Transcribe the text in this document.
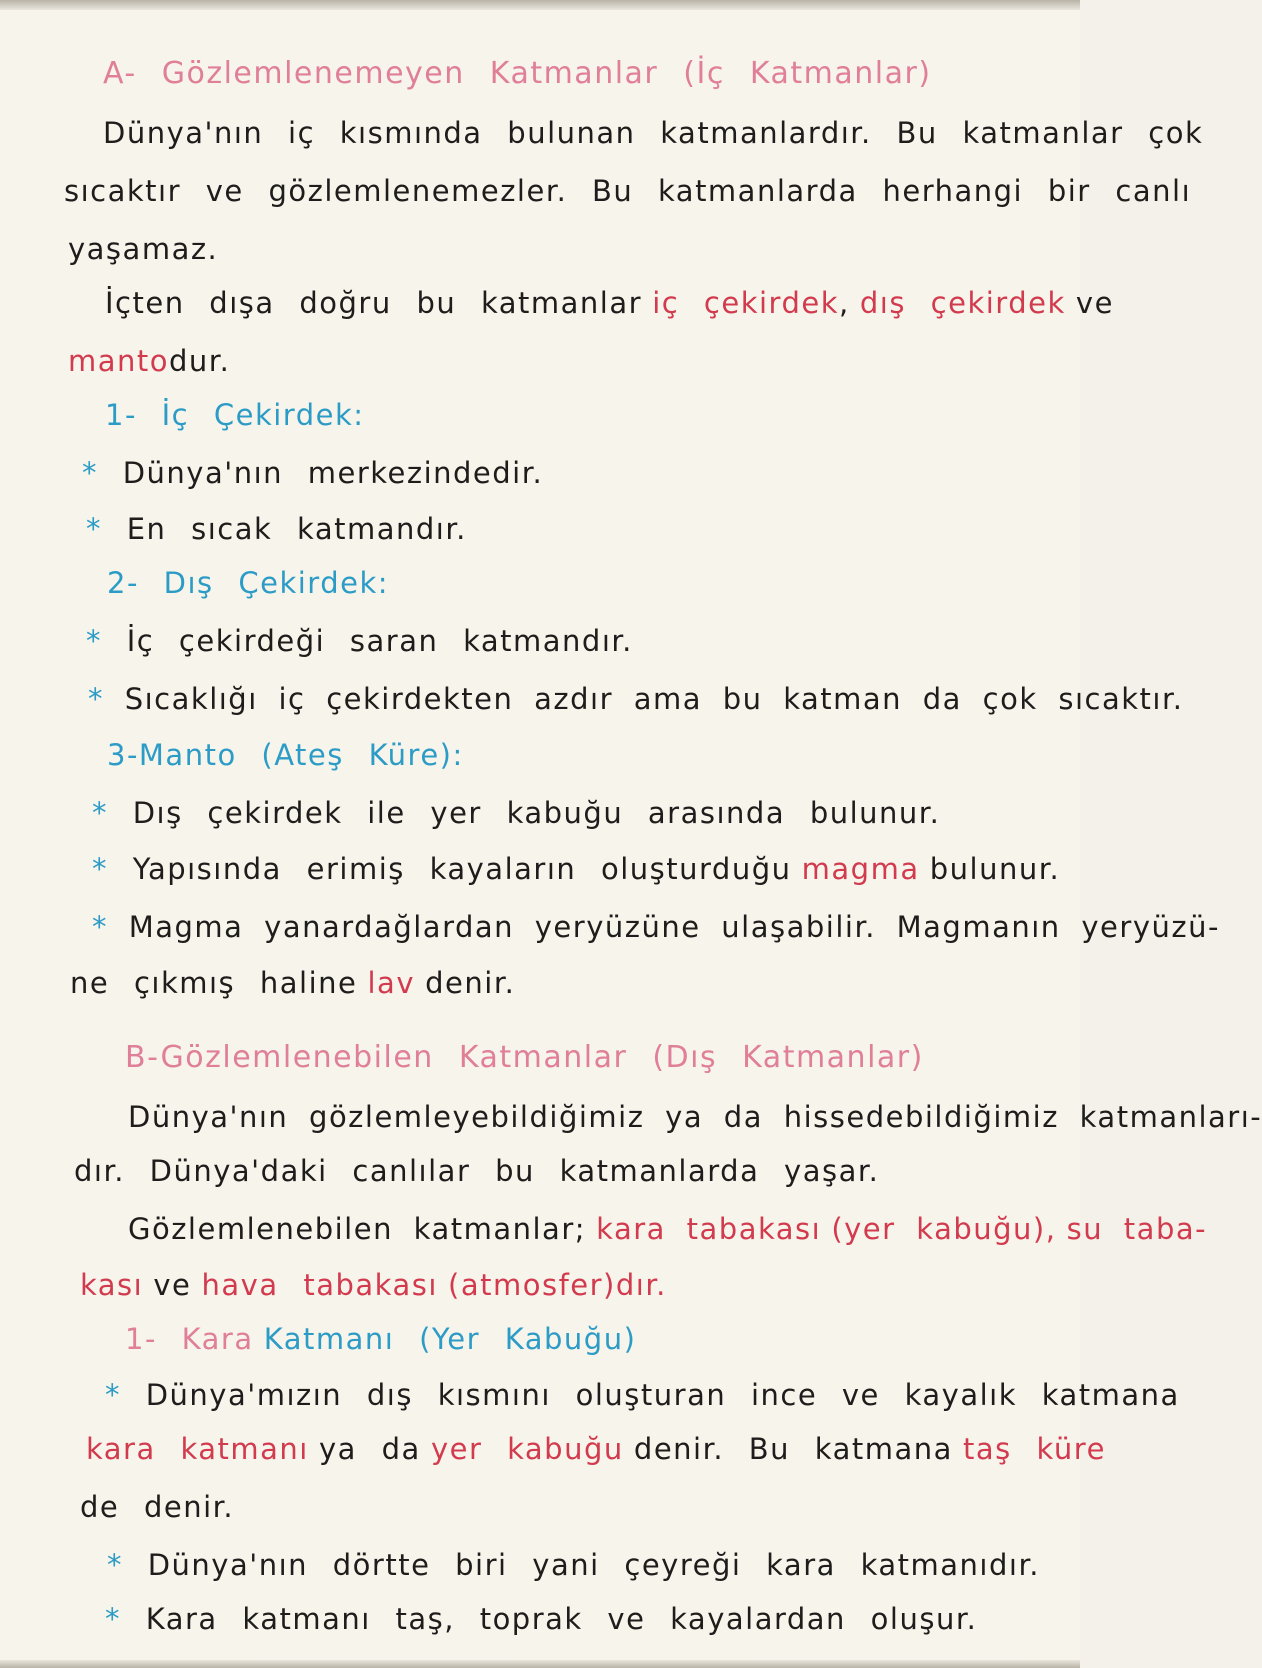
A- Gözlemlenemeyen Katmanlar (İç Katmanlar)
Dünya'nın iç kısmında bulunan katmanlardır. Bu katmanlar çok
sıcaktır ve gözlemlenemezler. Bu katmanlarda herhangi bir canlı
yaşamaz.
İçten dışa doğru bu katmanlar iç çekirdek, dış çekirdek ve
mantodur.
1- İç Çekirdek:
* Dünya'nın merkezindedir.
* En sıcak katmandır.
2- Dış Çekirdek:
* İç çekirdeği saran katmandır.
* Sıcaklığı iç çekirdekten azdır ama bu katman da çok sıcaktır.
3-Manto (Ateş Küre):
* Dış çekirdek ile yer kabuğu arasında bulunur.
* Yapısında erimiş kayaların oluşturduğu magma bulunur.
* Magma yanardağlardan yeryüzüne ulaşabilir. Magmanın yeryüzü-
ne çıkmış haline lav denir.
B-Gözlemlenebilen Katmanlar (Dış Katmanlar)
Dünya'nın gözlemleyebildiğimiz ya da hissedebildiğimiz katmanları-
dır. Dünya'daki canlılar bu katmanlarda yaşar.
Gözlemlenebilen katmanlar; kara tabakası (yer kabuğu), su taba-
kası ve hava tabakası (atmosfer)dır.
1- Kara Katmanı (Yer Kabuğu)
* Dünya'mızın dış kısmını oluşturan ince ve kayalık katmana
kara katmanı ya da yer kabuğu denir. Bu katmana taş küre
de denir.
* Dünya'nın dörtte biri yani çeyreği kara katmanıdır.
* Kara katmanı taş, toprak ve kayalardan oluşur.
